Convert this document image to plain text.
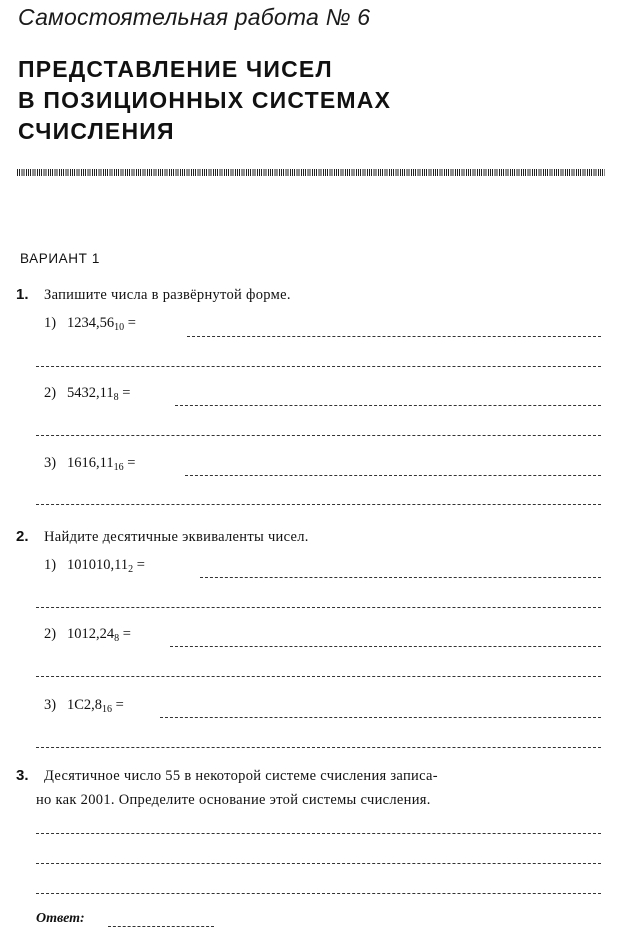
Самостоятельная работа № 6
ПРЕДСТАВЛЕНИЕ ЧИСЕЛ
В ПОЗИЦИОННЫХ СИСТЕМАХ
СЧИСЛЕНИЯ
ВАРИАНТ 1
1. Запишите числа в развёрнутой форме.
1) $1234,56_{10}$ =
2) $5432,11_8$ =
3) $1616,11_{16}$ =
2. Найдите десятичные эквиваленты чисел.
1) $101010,11_2$ =
2) $1012,24_8$ =
3) $1C2,8_{16}$ =
3. Десятичное число 55 в некоторой системе счисления записа-
но как 2001. Определите основание этой системы счисления.
Ответ:
